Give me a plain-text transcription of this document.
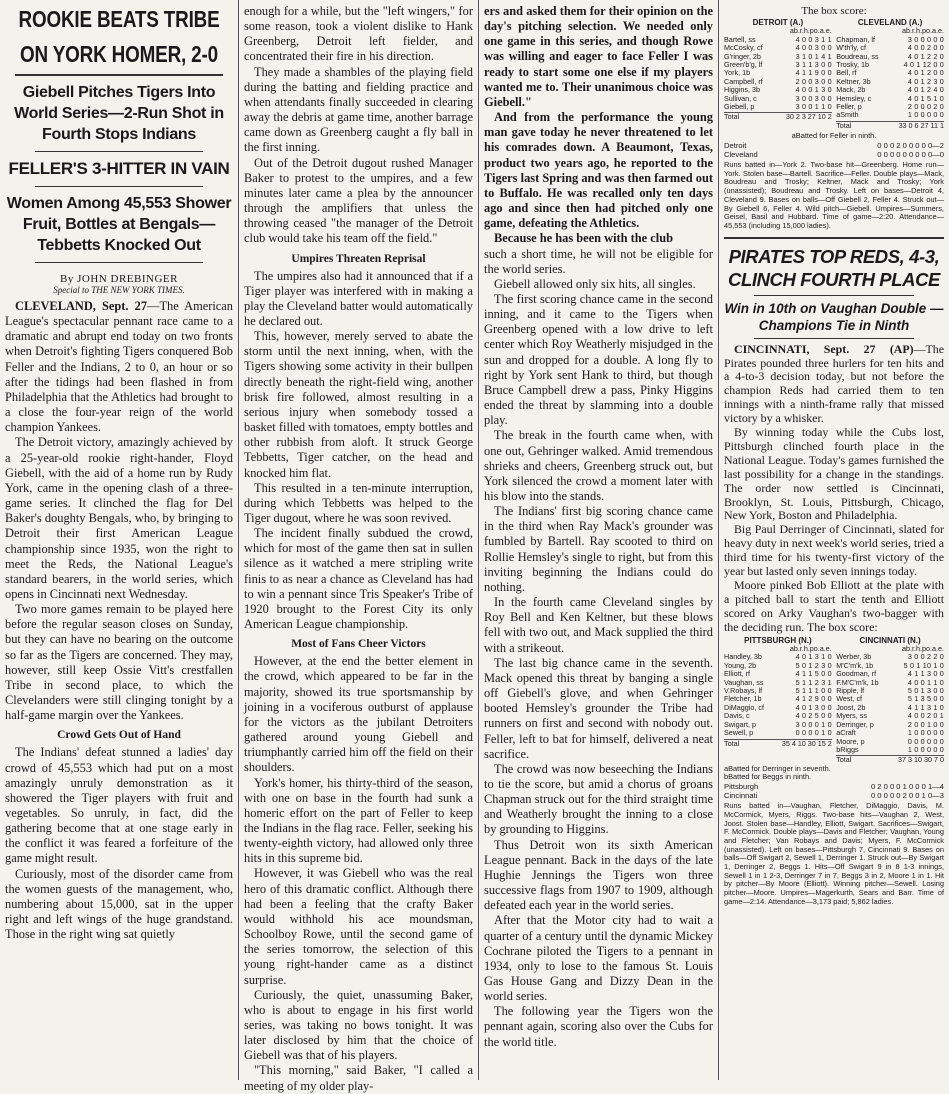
ROOKIE BEATS TRIBE
ON YORK HOMER, 2-0
Giebell Pitches Tigers Into World Series—2-Run Shot in Fourth Stops Indians
FELLER'S 3-HITTER IN VAIN
Women Among 45,553 Shower Fruit, Bottles at Bengals—Tebbetts Knocked Out
By JOHN DREBINGER
Special to THE NEW YORK TIMES.

CLEVELAND, Sept. 27—The American League's spectacular pennant race came to a dramatic and abrupt end today on two fronts when Detroit's fighting Tigers conquered Bob Feller and the Indians, 2 to 0, an hour or so after the tidings had been flashed in from Philadelphia that the Athletics had brought to a close the four-year reign of the world champion Yankees.

The Detroit victory, amazingly achieved by a 25-year-old rookie right-hander, Floyd Giebell, with the aid of a home run by Rudy York, came in the opening clash of a three-game series. It clinched the flag for Del Baker's doughty Bengals, who, by bringing to Detroit their first American League championship since 1935, won the right to meet the Reds, the National League's standard bearers, in the world series, which opens in Cincinnati next Wednesday.

Two more games remain to be played here before the regular season closes on Sunday, but they can have no bearing on the outcome so far as the Tigers are concerned. They may, however, still keep Ossie Vitt's crestfallen Tribe in second place, to which the Clevelanders were still clinging tonight by a half-game margin over the Yankees.

Crowd Gets Out of Hand

The Indians' defeat stunned a ladies' day crowd of 45,553 which had put on a most amazingly unruly demonstration as it showered the Tiger players with fruit and vegetables. So unruly, in fact, did the gathering become that at one stage early in the conflict it was feared a forfeiture of the game might result.

Curiously, most of the disorder came from the women guests of the management, who, numbering about 15,000, sat in the upper right and left wings of the huge grandstand. Those in the right wing sat quietly

enough for a while, but the "left wingers," for some reason, took a violent dislike to Hank Greenberg, Detroit left fielder, and concentrated their fire in his direction.

They made a shambles of the playing field during the batting and fielding practice and when attendants finally succeeded in clearing away the debris at game time, another barrage came down as Greenberg caught a fly ball in the first inning.

Out of the Detroit dugout rushed Manager Baker to protest to the umpires, and a few minutes later came a plea by the announcer through the amplifiers that unless the throwing ceased "the manager of the Detroit club would take his team off the field."

Umpires Threaten Reprisal

The umpires also had it announced that if a Tiger player was interfered with in making a play the Cleveland batter would automatically he declared out.

This, however, merely served to abate the storm until the next inning, when, with the Tigers showing some activity in their bullpen directly beneath the right-field wing, another brisk fire followed, almost resulting in a serious injury when somebody tossed a basket filled with tomatoes, empty bottles and other rubbish from aloft. It struck George Tebbetts, Tiger catcher, on the head and knocked him flat.

This resulted in a ten-minute interruption, during which Tebbetts was helped to the Tiger dugout, where he was soon revived.

The incident finally subdued the crowd, which for most of the game then sat in sullen silence as it watched a mere stripling write finis to as near a chance as Cleveland has had to win a pennant since Tris Speaker's Tribe of 1920 brought to the Forest City its only American League championship.

Most of Fans Cheer Victors

However, at the end the better element in the crowd, which appeared to be far in the majority, showed its true sportsmanship by joining in a vociferous outburst of applause for the victors as the jubilant Detroiters gathered around young Giebell and triumphantly carried him off the field on their shoulders.

York's homer, his thirty-third of the season, with one on base in the fourth had sunk a homeric effort on the part of Feller to keep the Indians in the flag race. Feller, seeking his twenty-eighth victory, had allowed only three hits in this supreme bid.

However, it was Giebell who was the real hero of this dramatic conflict. Although there had been a feeling that the crafty Baker would withhold his ace moundsman, Schoolboy Rowe, until the second game of the series tomorrow, the selection of this young right-hander came as a distinct surprise.

Curiously, the quiet, unassuming Baker, who is about to engage in his first world series, was taking no bows tonight. It was later disclosed by him that the choice of Giebell was that of his players.

"This morning," said Baker, "I called a meeting of my older play-

ers and asked them for their opinion on the day's pitching selection. We needed only one game in this series, and though Rowe was willing and eager to face Feller I was ready to start some one else if my players wanted me to. Their unanimous choice was Giebell."

And from the performance the young man gave today he never threatened to let his comrades down. A Beaumont, Texas, product two years ago, he reported to the Tigers last Spring and was then farmed out to Buffalo. He was recalled only ten days ago and since then had pitched only one game, defeating the Athletics.

Because he has been with the club

such a short time, he will not be eligible for the world series.

Giebell allowed only six hits, all singles.

The first scoring chance came in the second inning, and it came to the Tigers when Greenberg opened with a low drive to left center which Roy Weatherly misjudged in the sun and dropped for a double. A long fly to right by York sent Hank to third, but though Bruce Campbell drew a pass, Pinky Higgins ended the threat by slamming into a double play.

The break in the fourth came when, with one out, Gehringer walked. Amid tremendous shrieks and cheers, Greenberg struck out, but York silenced the crowd a moment later with his blow into the stands.

The Indians' first big scoring chance came in the third when Ray Mack's grounder was fumbled by Bartell. Ray scooted to third on Rollie Hemsley's single to right, but from this inviting beginning the Indians could do nothing.

In the fourth came Cleveland singles by Roy Bell and Ken Keltner, but these blows fell with two out, and Mack supplied the third with a strikeout.

The last big chance came in the seventh. Mack opened this threat by banging a single off Giebell's glove, and when Gehringer booted Hemsley's grounder the Tribe had runners on first and second with nobody out. Feller, left to bat for himself, delivered a neat sacrifice.

The crowd was now beseeching the Indians to tie the score, but amid a chorus of groans Chapman struck out for the third straight time and Weatherly brought the inning to a close by grounding to Higgins.

Thus Detroit won its sixth American League pennant. Back in the days of the late Hughie Jennings the Tigers won three successive flags from 1907 to 1909, although defeated each year in the world series.

After that the Motor city had to wait a quarter of a century until the dynamic Mickey Cochrane piloted the Tigers to a pennant in 1934, only to lose to the famous St. Louis Gas House Gang and Dizzy Dean in the world series.

The following year the Tigers won the pennant again, scoring also over the Cubs for the world title.

The box score:
DETROIT (A.)
ab.r.h.po.a.e.
Bartell, ss	4 0 0 3 1 1
McCosky, cf	4 0 0 3 0 0
G'ringer, 2b	3 1 0 1 4 1
Green'b'g, lf	3 1 1 3 0 0
York, 1b	4 1 1 9 0 0
Campbell, rf	2 0 0 3 0 0
Higgins, 3b	4 0 0 1 3 0
Sullivan, c	3 0 0 3 0 0
Giebell, p	3 0 0 1 1 0
Total	30 2 3 27 10 2
CLEVELAND (A.)
ab.r.h.po.a.e.
Chapman, lf	3 0 0 0 0 0
W'th'ly, cf	4 0 0 2 0 0
Boudreau, ss	4 0 1 2 2 0
Trosky, 1b	4 0 1 12 0 0
Bell, rf	4 0 1 2 0 0
Keltner, 3b	4 0 1 2 3 0
Mack, 2b	4 0 1 2 4 0
Hemsley, c	4 0 1 5 1 0
Feller, p	2 0 0 0 2 0
aSmith	1 0 0 0 0 0
Total	33 0 6 27 11 1
aBatted for Feller in ninth.
Detroit	0 0 0 2 0 0 0 0 0—2
Cleveland	0 0 0 0 0 0 0 0 0—0

Runs batted in—York 2. Two-base hit—Greenberg. Home run—York. Stolen base—Bartell. Sacrifice—Feller. Double plays—Mack, Boudreau and Trosky; Keltner, Mack and Trosky; York (unassisted); Boudreau and Trosky. Left on bases—Detroit 4, Cleveland 9. Bases on balls—Off Giebell 2, Feller 4. Struck out—By Giebell 6, Feller 4. Wild pitch—Giebell. Umpires—Summers, Geisel, Basil and Hubbard. Time of game—2:20. Attendance—45,553 (including 15,000 ladies).

PIRATES TOP REDS, 4-3, CLINCH FOURTH PLACE
Win in 10th on Vaughan Double —Champions Tie in Ninth

CINCINNATI, Sept. 27 (AP)—The Pirates pounded three hurlers for ten hits and a 4-to-3 decision today, but not before the champion Reds had carried them to ten innings with a ninth-frame rally that missed victory by a whisker.

By winning today while the Cubs lost, Pittsburgh clinched fourth place in the National League. Today's games furnished the last possibility for a change in the standings. The order now settled is Cincinnati, Brooklyn, St. Louis, Pittsburgh, Chicago, New York, Boston and Philadelphia.

Big Paul Derringer of Cincinnati, slated for heavy duty in next week's world series, tried a third time for his twenty-first victory of the year but lasted only seven innings today.

Moore pinked Bob Elliott at the plate with a pitched ball to start the tenth and Elliott scored on Arky Vaughan's two-bagger with the deciding run. The box score:

PITTSBURGH (N.)
ab.r.h.po.a.e.
Handley, 3b	4 0 1 3 1 0
Young, 2b	5 0 1 2 3 0
Elliott, rf	4 1 1 5 0 0
Vaughan, ss	5 1 1 2 3 1
V.Robays, lf	5 1 1 1 0 0
Fletcher, 1b	4 1 2 9 0 0
DiMaggio, cf	4 0 1 3 0 0
Davis, c	4 0 2 5 0 0
Swigart, p	3 0 0 0 1 0
Sewell, p	0 0 0 0 1 0
Total	35 4 10 30 15 2
CINCINNATI (N.)
ab.r.h.po.a.e.
Werber, 3b	3 0 0 2 2 0
M'C'm'k, 1b	5 0 1 10 1 0
Goodman, rf	4 1 1 3 0 0
F.M'C'm'k, 1b	4 0 0 1 1 0
Ripple, lf	5 0 1 3 0 0
West, cf	5 1 3 5 0 0
Joost, 2b	4 1 1 3 1 0
Myers, ss	4 0 0 2 0 1
Derringer, p	2 0 0 1 0 0
aCraft	1 0 0 0 0 0
Moore, p	0 0 0 0 0 0
bRiggs	1 0 0 0 0 0
Total	37 3 10 30 7 0
aBatted for Derringer in seventh.
bBatted for Beggs in ninth.
Pittsburgh	0 2 0 0 0 1 0 0 0 1—4
Cincinnati	0 0 0 0 0 2 0 0 1 0—3

Runs batted in—Vaughan, Fletcher, DiMaggio, Davis, M. McCormick, Myers, Riggs. Two-base hits—Vaughan 2, West, Joost. Stolen base—Handley, Elliott, Swigart. Sacrifices—Swigart, F. McCormick. Double plays—Davis and Fletcher; Vaughan, Young and Fletcher; Van Robays and Davis; Myers, F. McCormick (unassisted). Left on bases—Pittsburgh 7, Cincinnati 9. Bases on balls—Off Swigart 2, Sewell 1, Derringer 1. Struck out—By Swigart 1, Derringer 2, Beggs 1. Hits—Off Swigart 9 in 8 1-3 innings, Sewell 1 in 1 2-3, Derringer 7 in 7, Beggs 3 in 2, Moore 1 in 1. Hit by pitcher—By Moore (Elliott). Winning pitcher—Sewell. Losing pitcher—Moore. Umpires—Magerkurth, Sears and Barr. Time of game—2:14. Attendance—3,173 paid; 5,862 ladies.
